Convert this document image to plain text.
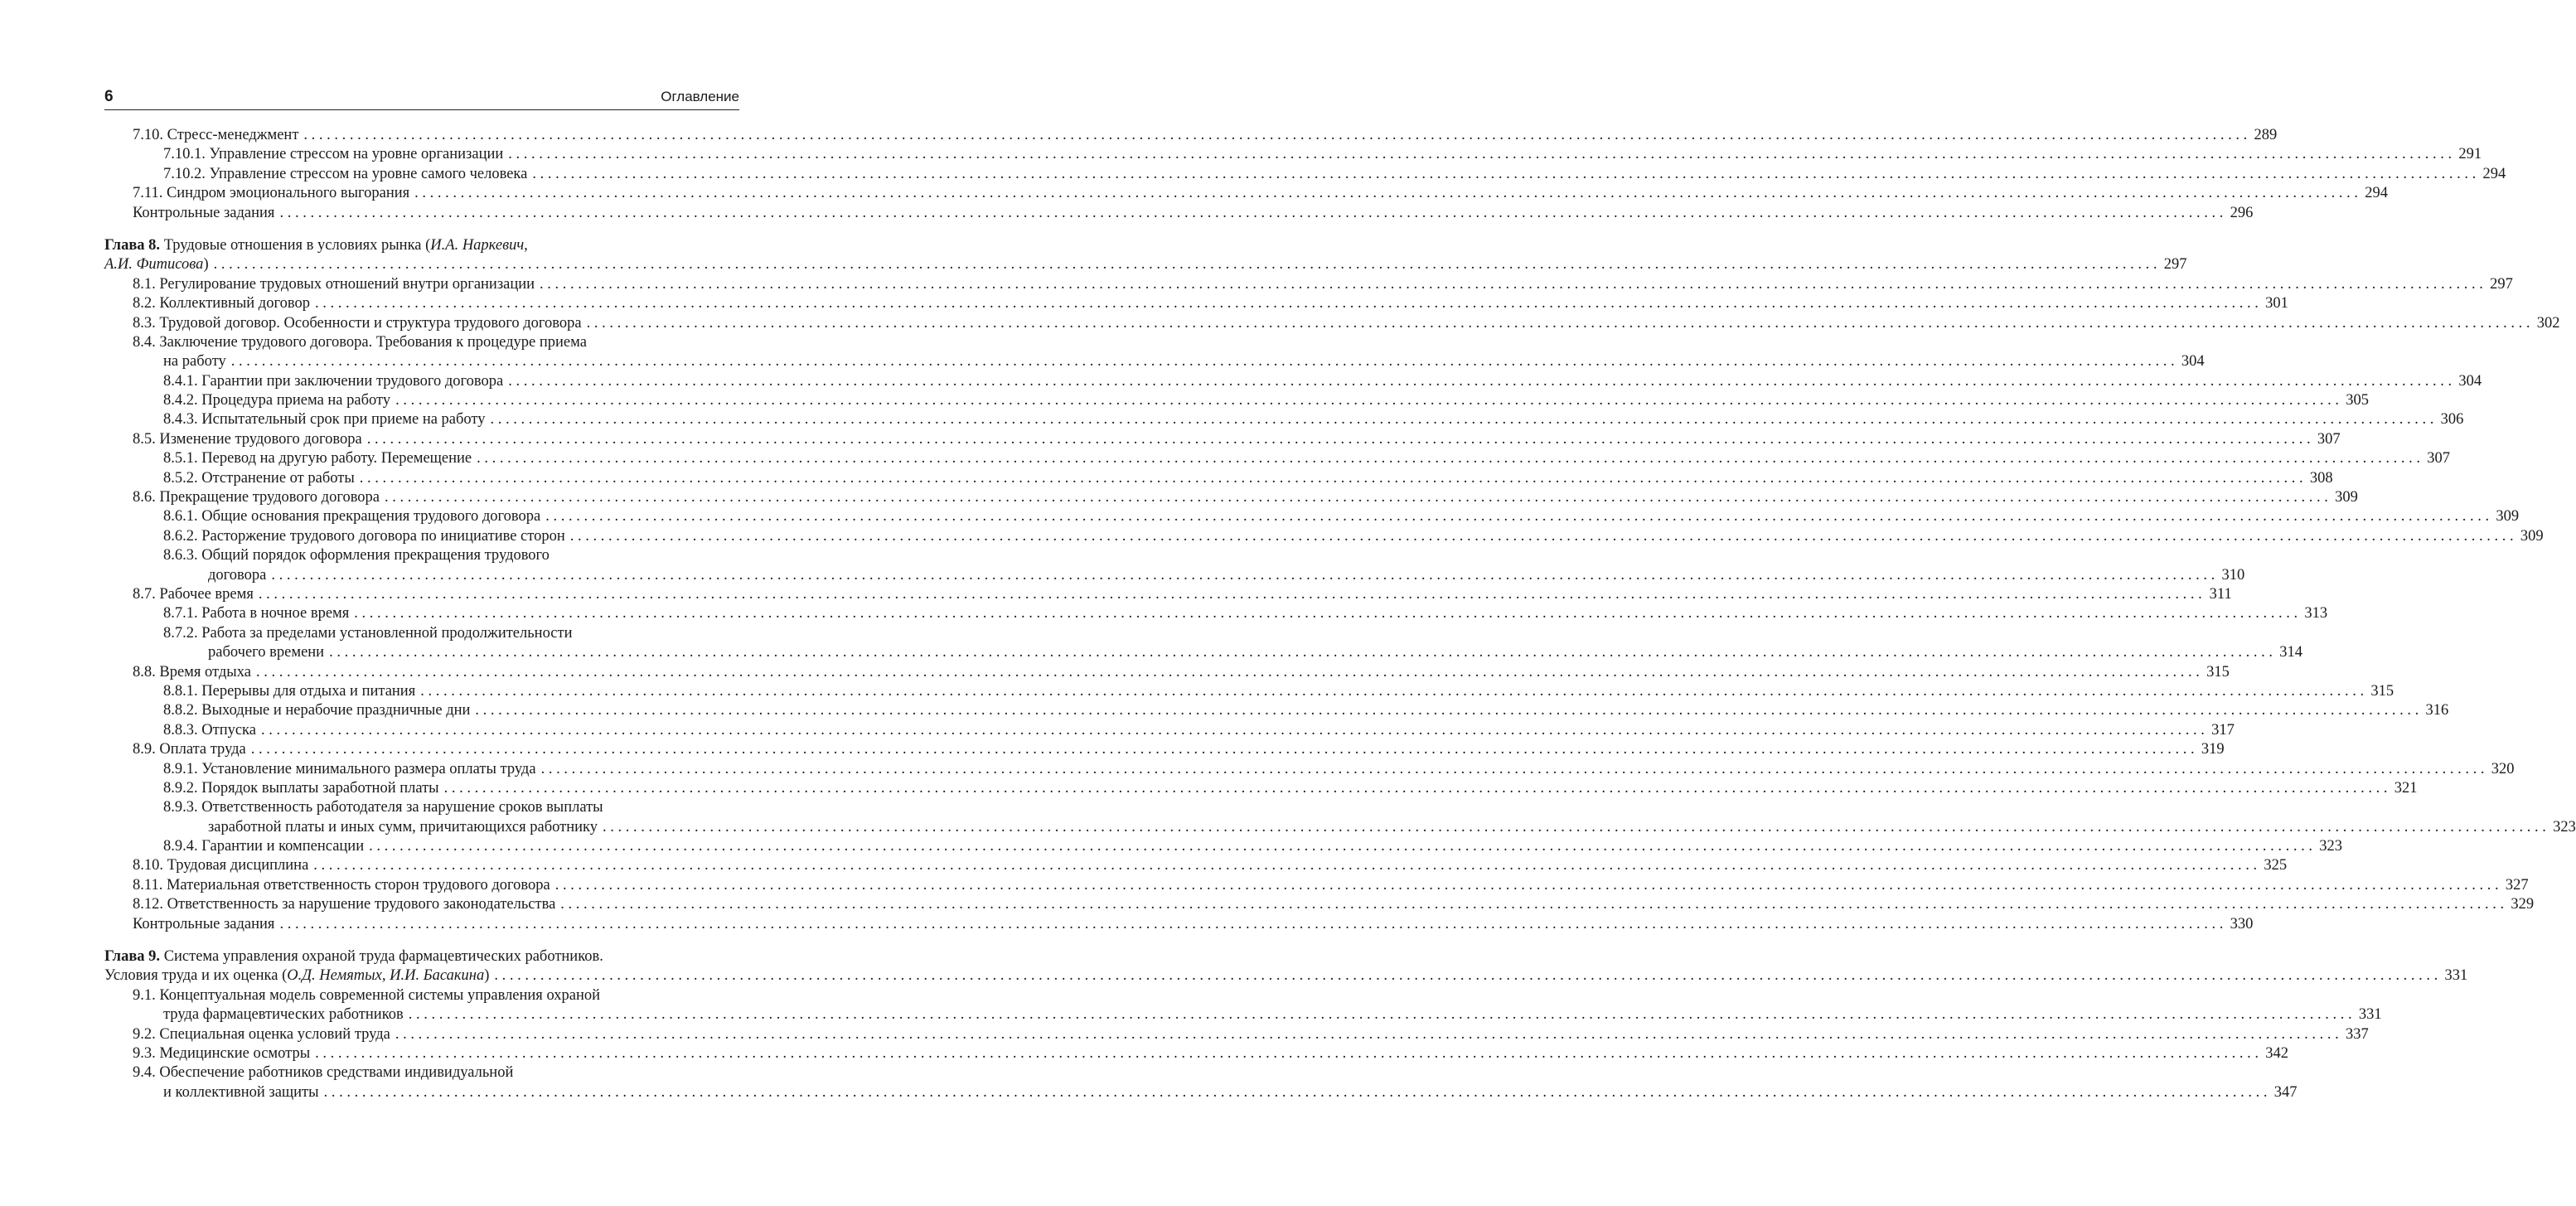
6	Оглавление
7.10. Стресс-менеджмент . . .	289
7.10.1. Управление стрессом на уровне организации . . .	291
7.10.2. Управление стрессом на уровне самого человека . . .	294
7.11. Синдром эмоционального выгорания . . .	294
Контрольные задания . . .	296
Глава 8. Трудовые отношения в условиях рынка (И.А. Наркевич,
А.И. Фитисова) . . .	297
8.1. Регулирование трудовых отношений внутри организации . . .	297
8.2. Коллективный договор . . .	301
8.3. Трудовой договор. Особенности и структура трудового договора . . .	302
8.4. Заключение трудового договора. Требования к процедуре приема
на работу . . .	304
8.4.1. Гарантии при заключении трудового договора . . .	304
8.4.2. Процедура приема на работу . . .	305
8.4.3. Испытательный срок при приеме на работу . . .	306
8.5. Изменение трудового договора . . .	307
8.5.1. Перевод на другую работу. Перемещение . . .	307
8.5.2. Отстранение от работы . . .	308
8.6. Прекращение трудового договора . . .	309
8.6.1. Общие основания прекращения трудового договора . . .	309
8.6.2. Расторжение трудового договора по инициативе сторон . . .	309
8.6.3. Общий порядок оформления прекращения трудового
договора . . .	310
8.7. Рабочее время . . .	311
8.7.1. Работа в ночное время . . .	313
8.7.2. Работа за пределами установленной продолжительности
рабочего времени . . .	314
8.8. Время отдыха . . .	315
8.8.1. Перерывы для отдыха и питания . . .	315
8.8.2. Выходные и нерабочие праздничные дни . . .	316
8.8.3. Отпуска . . .	317
8.9. Оплата труда . . .	319
8.9.1. Установление минимального размера оплаты труда . . .	320
8.9.2. Порядок выплаты заработной платы . . .	321
8.9.3. Ответственность работодателя за нарушение сроков выплаты
заработной платы и иных сумм, причитающихся работнику . . .	323
8.9.4. Гарантии и компенсации . . .	323
8.10. Трудовая дисциплина . . .	325
8.11. Материальная ответственность сторон трудового договора . . .	327
8.12. Ответственность за нарушение трудового законодательства . . .	329
Контрольные задания . . .	330
Глава 9. Система управления охраной труда фармацевтических работников.
Условия труда и их оценка (О.Д. Немятых, И.И. Басакина) . . .	331
9.1. Концептуальная модель современной системы управления охраной
труда фармацевтических работников . . .	331
9.2. Специальная оценка условий труда . . .	337
9.3. Медицинские осмотры . . .	342
9.4. Обеспечение работников средствами индивидуальной
и коллективной защиты . . .	347
